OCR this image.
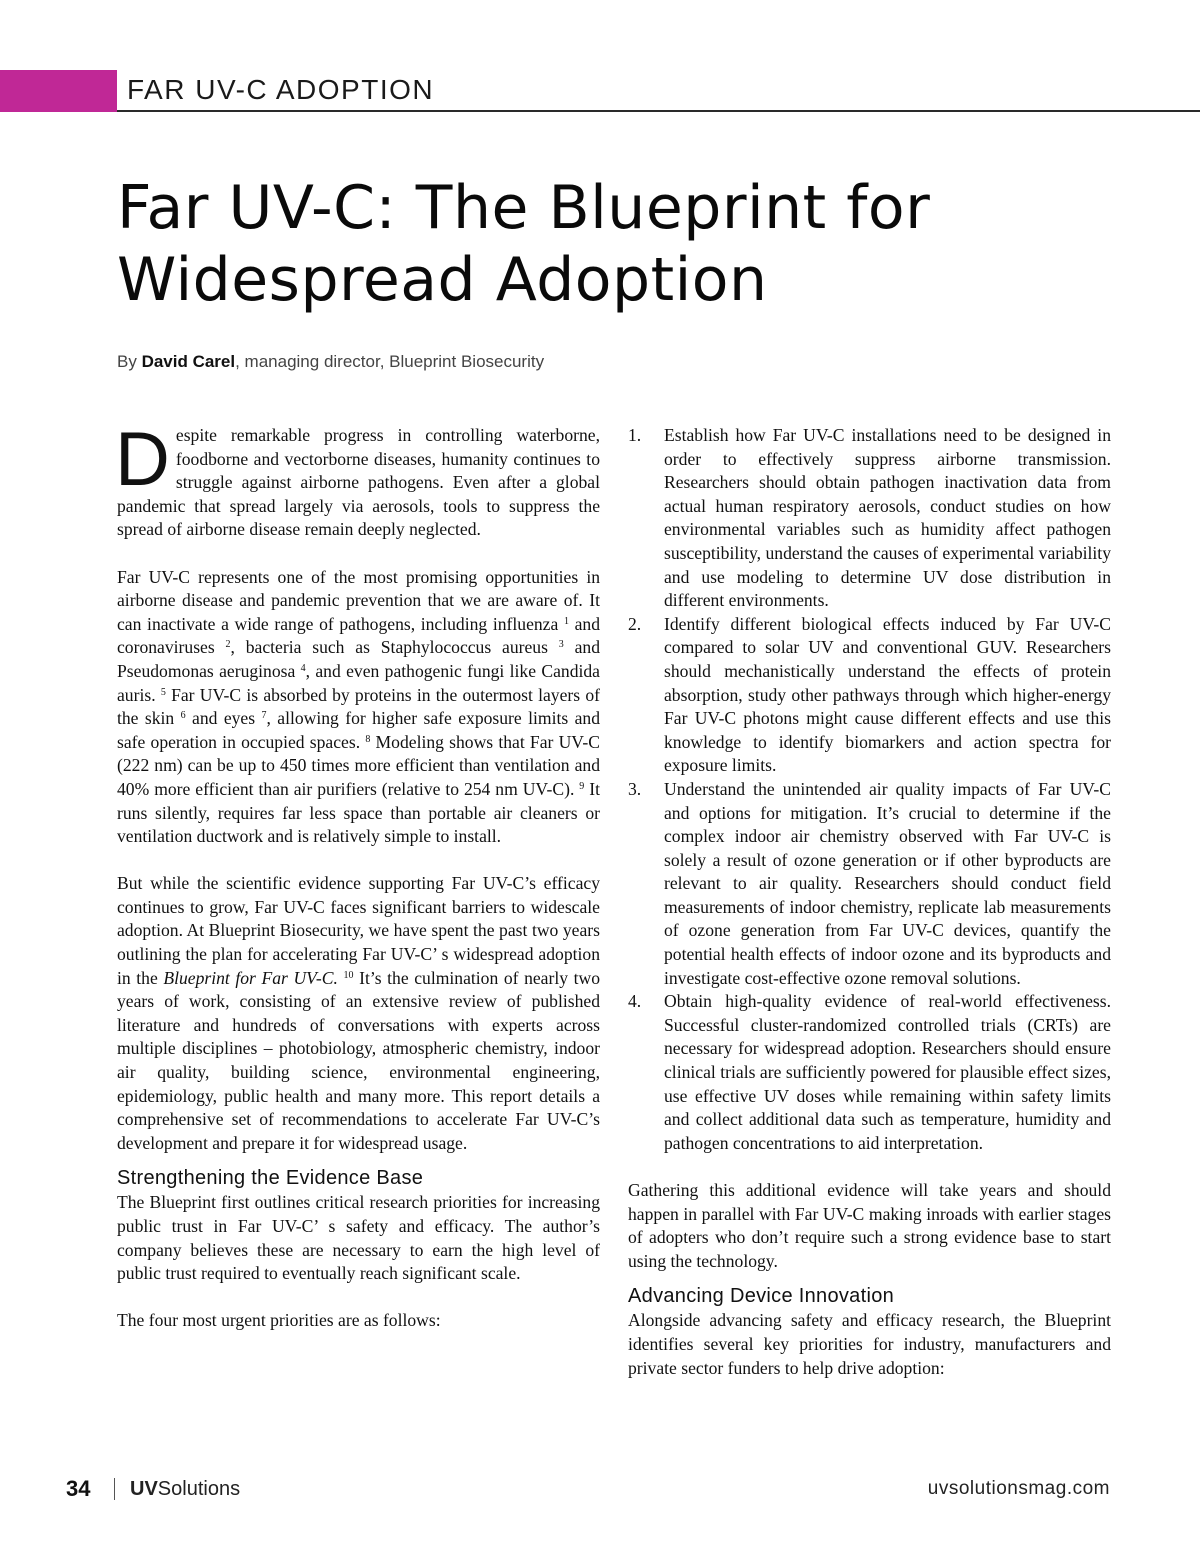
FAR UV-C ADOPTION
Far UV-C: The Blueprint for
Widespread Adoption
By David Carel, managing director, Blueprint Biosecurity

Despite remarkable progress in controlling waterborne, foodborne and vectorborne diseases, humanity continues to struggle against airborne pathogens. Even after a global pandemic that spread largely via aerosols, tools to suppress the spread of airborne disease remain deeply neglected.

Far UV-C represents one of the most promising opportunities in airborne disease and pandemic prevention that we are aware of. It can inactivate a wide range of pathogens, including influenza $^1$ and coronaviruses $^2$, bacteria such as Staphylococcus aureus $^3$ and Pseudomonas aeruginosa $^4$, and even pathogenic fungi like Candida auris. $^5$ Far UV-C is absorbed by proteins in the outermost layers of the skin $^6$ and eyes $^7$, allowing for higher safe exposure limits and safe operation in occupied spaces. $^8$ Modeling shows that Far UV-C (222 nm) can be up to 450 times more efficient than ventilation and 40% more efficient than air purifiers (relative to 254 nm UV-C). $^9$ It runs silently, requires far less space than portable air cleaners or ventilation ductwork and is relatively simple to install.

But while the scientific evidence supporting Far UV-C’s efficacy continues to grow, Far UV-C faces significant barriers to widescale adoption. At Blueprint Biosecurity, we have spent the past two years outlining the plan for accelerating Far UV-C’ s widespread adoption in the Blueprint for Far UV-C. $^{10}$ It’s the culmination of nearly two years of work, consisting of an extensive review of published literature and hundreds of conversations with experts across multiple disciplines – photobiology, atmospheric chemistry, indoor air quality, building science, environmental engineering, epidemiology, public health and many more. This report details a comprehensive set of recommendations to accelerate Far UV-C’s development and prepare it for widespread usage.

Strengthening the Evidence Base

The Blueprint first outlines critical research priorities for increasing public trust in Far UV-C’ s safety and efficacy. The author’s company believes these are necessary to earn the high level of public trust required to eventually reach significant scale.

The four most urgent priorities are as follows:

1.	Establish how Far UV-C installations need to be designed in order to effectively suppress airborne transmission. Researchers should obtain pathogen inactivation data from actual human respiratory aerosols, conduct studies on how environmental variables such as humidity affect pathogen susceptibility, understand the causes of experimental variability and use modeling to determine UV dose distribution in different environments.
2.	Identify different biological effects induced by Far UV-C compared to solar UV and conventional GUV. Researchers should mechanistically understand the effects of protein absorption, study other pathways through which higher-energy Far UV-C photons might cause different effects and use this knowledge to identify biomarkers and action spectra for exposure limits.
3.	Understand the unintended air quality impacts of Far UV-C and options for mitigation. It’s crucial to determine if the complex indoor air chemistry observed with Far UV-C is solely a result of ozone generation or if other byproducts are relevant to air quality. Researchers should conduct field measurements of indoor chemistry, replicate lab measurements of ozone generation from Far UV-C devices, quantify the potential health effects of indoor ozone and its byproducts and investigate cost-effective ozone removal solutions.
4.	Obtain high-quality evidence of real-world effectiveness. Successful cluster-randomized controlled trials (CRTs) are necessary for widespread adoption. Researchers should ensure clinical trials are sufficiently powered for plausible effect sizes, use effective UV doses while remaining within safety limits and collect additional data such as temperature, humidity and pathogen concentrations to aid interpretation.

Gathering this additional evidence will take years and should happen in parallel with Far UV-C making inroads with earlier stages of adopters who don’t require such a strong evidence base to start using the technology.

Advancing Device Innovation

Alongside advancing safety and efficacy research, the Blueprint identifies several key priorities for industry, manufacturers and private sector funders to help drive adoption:

34 UVSolutions	uvsolutionsmag.com
